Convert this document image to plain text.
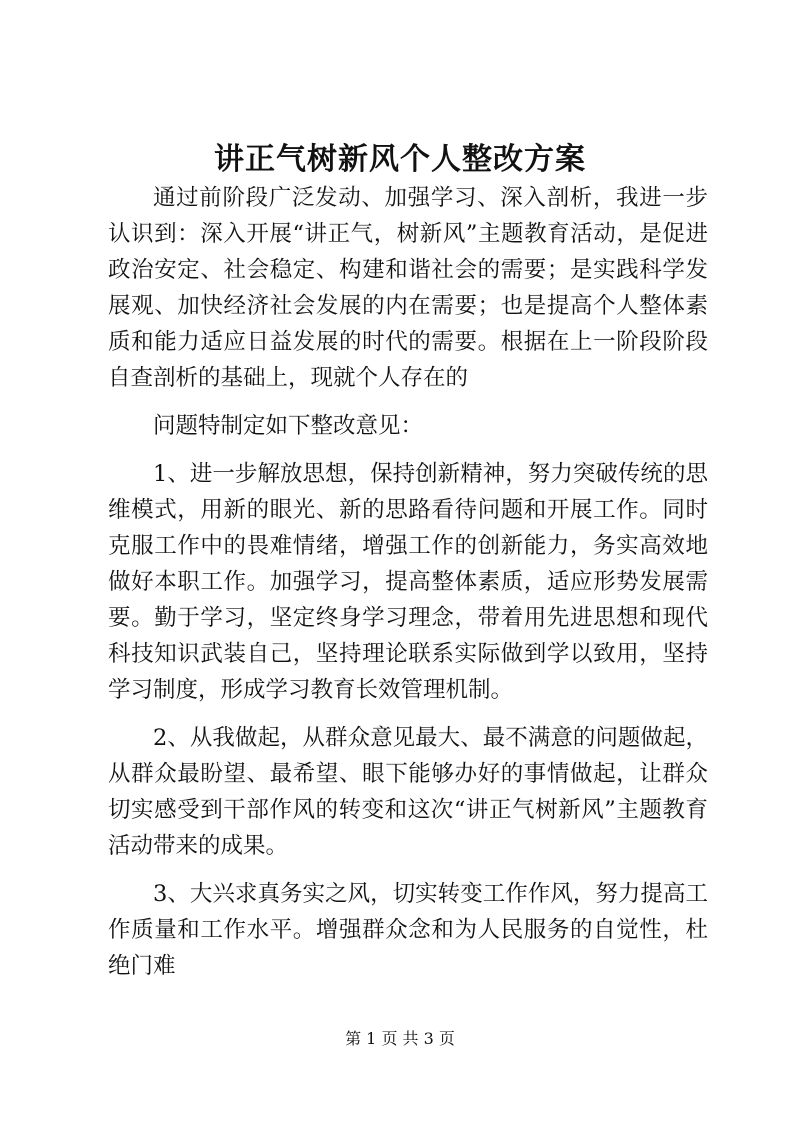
讲正气树新风个人整改方案

通过前阶段广泛发动、加强学习、深入剖析，我进一步认识到：深入开展“讲正气，树新风”主题教育活动，是促进政治安定、社会稳定、构建和谐社会的需要；是实践科学发展观、加快经济社会发展的内在需要；也是提高个人整体素质和能力适应日益发展的时代的需要。根据在上一阶段阶段自查剖析的基础上，现就个人存在的

问题特制定如下整改意见：

1、进一步解放思想，保持创新精神，努力突破传统的思维模式，用新的眼光、新的思路看待问题和开展工作。同时克服工作中的畏难情绪，增强工作的创新能力，务实高效地做好本职工作。加强学习，提高整体素质，适应形势发展需要。勤于学习，坚定终身学习理念，带着用先进思想和现代科技知识武装自己，坚持理论联系实际做到学以致用，坚持学习制度，形成学习教育长效管理机制。

2、从我做起，从群众意见最大、最不满意的问题做起，从群众最盼望、最希望、眼下能够办好的事情做起，让群众切实感受到干部作风的转变和这次“讲正气树新风”主题教育活动带来的成果。

3、大兴求真务实之风，切实转变工作作风，努力提高工作质量和工作水平。增强群众念和为人民服务的自觉性，杜绝门难

第 1 页 共 3 页
